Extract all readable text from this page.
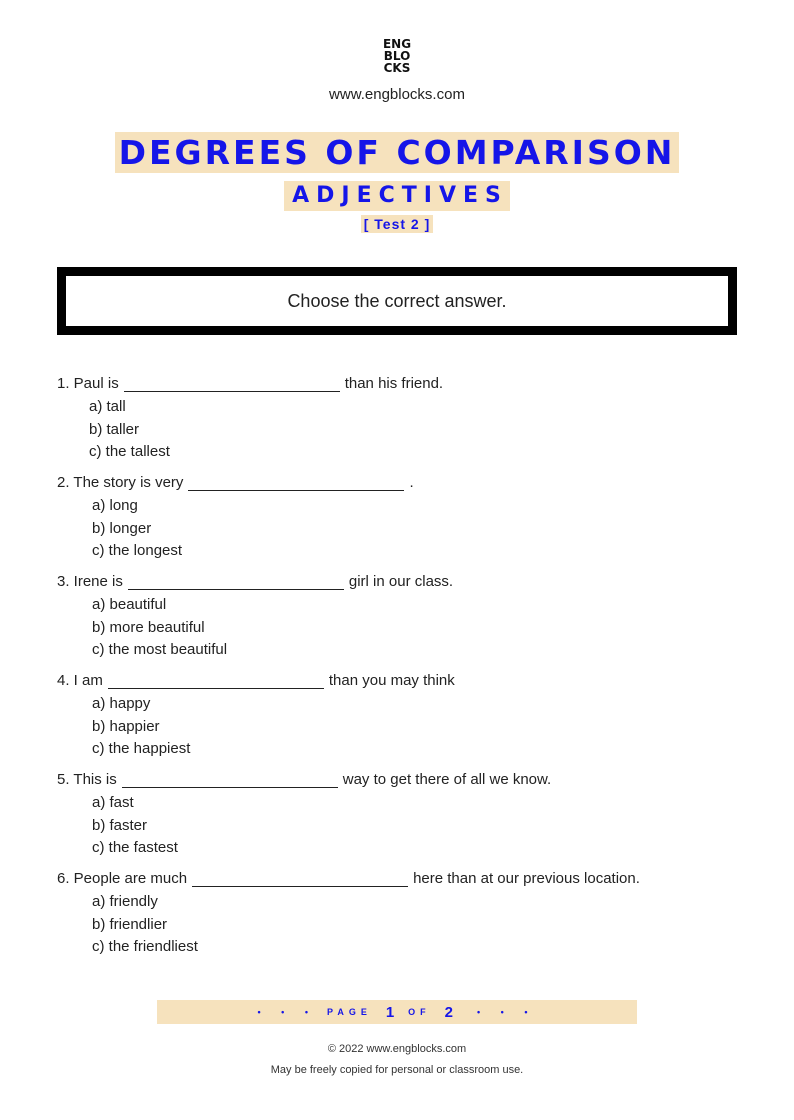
ENG
BLO
CKS
www.engblocks.com
DEGREES OF COMPARISON
ADJECTIVES
[ Test 2 ]
Choose the correct answer.
1. Paul is	than his friend.
a) tall
b) taller
c) the tallest
2. The story is very	.
a) long
b) longer
c) the longest
3. Irene is	girl in our class.
a) beautiful
b) more beautiful
c) the most beautiful
4. I am	than you may think
a) happy
b) happier
c) the happiest
5. This is	way to get there of all we know.
a) fast
b) faster
c) the fastest
6. People are much	here than at our previous location.
a) friendly
b) friendlier
c) the friendliest
• • • PAGE 1 OF 2	• • •
© 2022 www.engblocks.com
May be freely copied for personal or classroom use.
